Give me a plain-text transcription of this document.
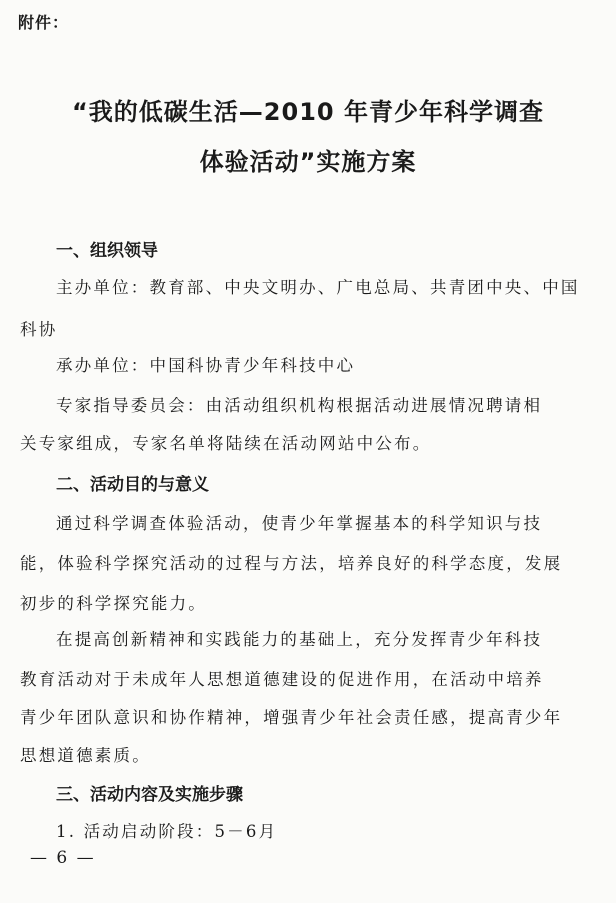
附件：
“我的低碳生活—2010 年青少年科学调查
体验活动”实施方案
一、组织领导
主办单位：教育部、中央文明办、广电总局、共青团中央、中国
科协
承办单位：中国科协青少年科技中心
专家指导委员会：由活动组织机构根据活动进展情况聘请相
关专家组成，专家名单将陆续在活动网站中公布。
二、活动目的与意义
通过科学调查体验活动，使青少年掌握基本的科学知识与技
能，体验科学探究活动的过程与方法，培养良好的科学态度，发展
初步的科学探究能力。
在提高创新精神和实践能力的基础上，充分发挥青少年科技
教育活动对于未成年人思想道德建设的促进作用，在活动中培养
青少年团队意识和协作精神，增强青少年社会责任感，提高青少年
思想道德素质。
三、活动内容及实施步骤
1. 活动启动阶段：5－6月
— 6 —
